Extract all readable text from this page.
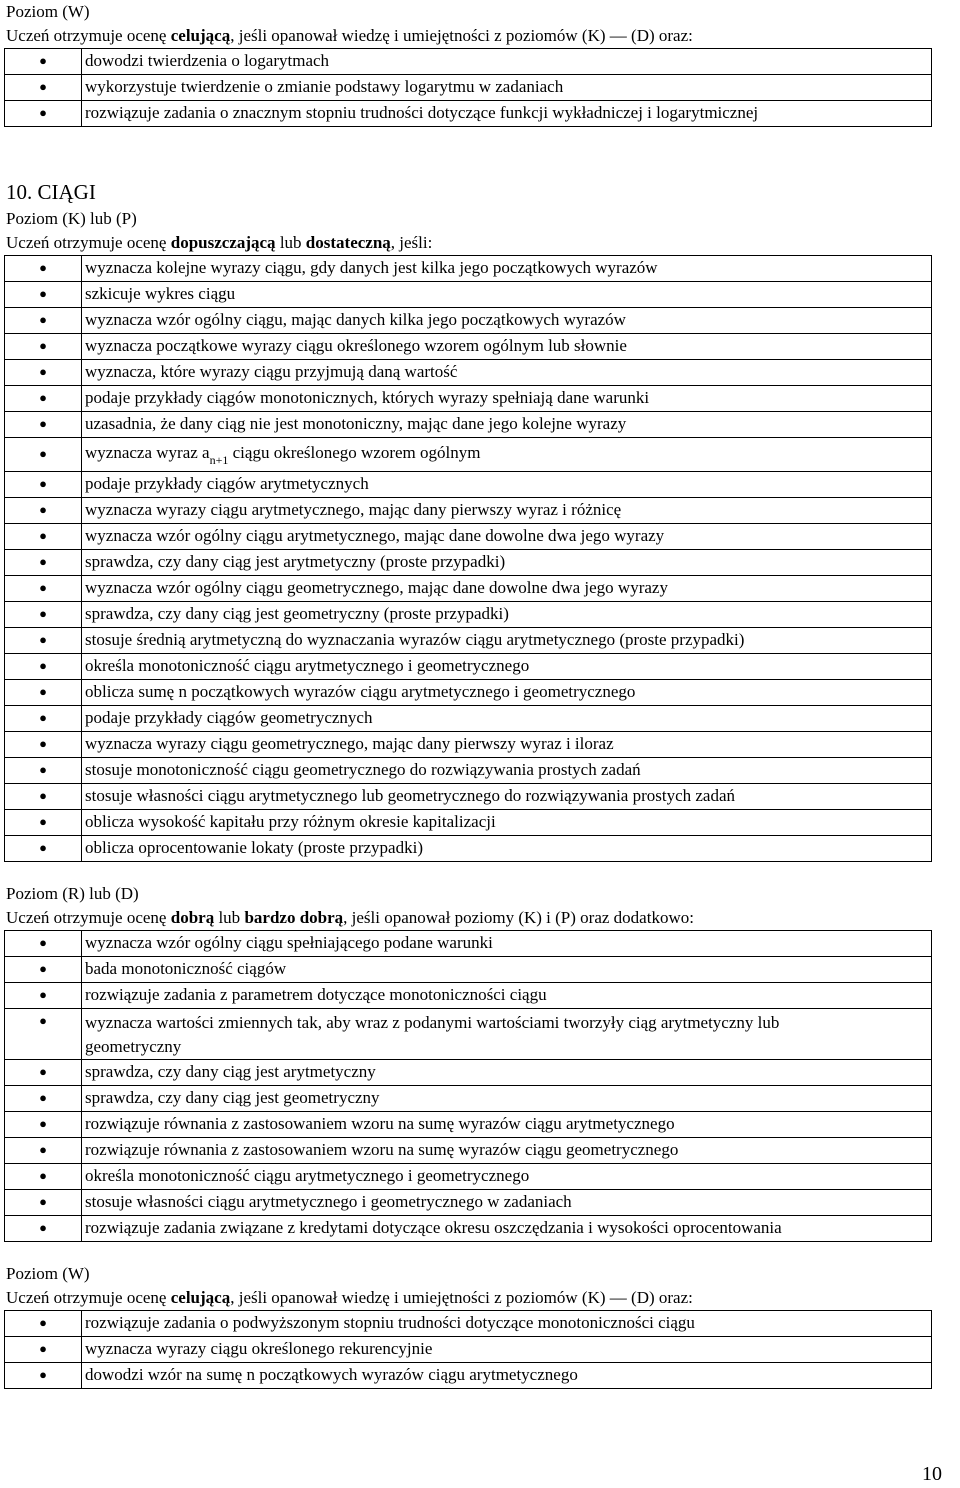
Poziom (W)
Uczeń otrzymuje ocenę celującą, jeśli opanował wiedzę i umiejętności z poziomów (K) — (D) oraz:
●	dowodzi twierdzenia o logarytmach
●	wykorzystuje twierdzenie o zmianie podstawy logarytmu w zadaniach
●	rozwiązuje zadania o znacznym stopniu trudności dotyczące funkcji wykładniczej i logarytmicznej
10. CIĄGI
Poziom (K) lub (P)
Uczeń otrzymuje ocenę dopuszczającą lub dostateczną, jeśli:
●	wyznacza kolejne wyrazy ciągu, gdy danych jest kilka jego początkowych wyrazów
●	szkicuje wykres ciągu
●	wyznacza wzór ogólny ciągu, mając danych kilka jego początkowych wyrazów
●	wyznacza początkowe wyrazy ciągu określonego wzorem ogólnym lub słownie
●	wyznacza, które wyrazy ciągu przyjmują daną wartość
●	podaje przykłady ciągów monotonicznych, których wyrazy spełniają dane warunki
●	uzasadnia, że dany ciąg nie jest monotoniczny, mając dane jego kolejne wyrazy
●	wyznacza wyraz $a_{n+1}$ ciągu określonego wzorem ogólnym
●	podaje przykłady ciągów arytmetycznych
●	wyznacza wyrazy ciągu arytmetycznego, mając dany pierwszy wyraz i różnicę
●	wyznacza wzór ogólny ciągu arytmetycznego, mając dane dowolne dwa jego wyrazy
●	sprawdza, czy dany ciąg jest arytmetyczny (proste przypadki)
●	wyznacza wzór ogólny ciągu geometrycznego, mając dane dowolne dwa jego wyrazy
●	sprawdza, czy dany ciąg jest geometryczny (proste przypadki)
●	stosuje średnią arytmetyczną do wyznaczania wyrazów ciągu arytmetycznego (proste przypadki)
●	określa monotoniczność ciągu arytmetycznego i geometrycznego
●	oblicza sumę n początkowych wyrazów ciągu arytmetycznego i geometrycznego
●	podaje przykłady ciągów geometrycznych
●	wyznacza wyrazy ciągu geometrycznego, mając dany pierwszy wyraz i iloraz
●	stosuje monotoniczność ciągu geometrycznego do rozwiązywania prostych zadań
●	stosuje własności ciągu arytmetycznego lub geometrycznego do rozwiązywania prostych zadań
●	oblicza wysokość kapitału przy różnym okresie kapitalizacji
●	oblicza oprocentowanie lokaty (proste przypadki)
Poziom (R) lub (D)
Uczeń otrzymuje ocenę dobrą lub bardzo dobrą, jeśli opanował poziomy (K) i (P) oraz dodatkowo:
●	wyznacza wzór ogólny ciągu spełniającego podane warunki
●	bada monotoniczność ciągów
●	rozwiązuje zadania z parametrem dotyczące monotoniczności ciągu
●	wyznacza wartości zmiennych tak, aby wraz z podanymi wartościami tworzyły ciąg arytmetyczny lub
geometryczny
●	sprawdza, czy dany ciąg jest arytmetyczny
●	sprawdza, czy dany ciąg jest geometryczny
●	rozwiązuje równania z zastosowaniem wzoru na sumę wyrazów ciągu arytmetycznego
●	rozwiązuje równania z zastosowaniem wzoru na sumę wyrazów ciągu geometrycznego
●	określa monotoniczność ciągu arytmetycznego i geometrycznego
●	stosuje własności ciągu arytmetycznego i geometrycznego w zadaniach
●	rozwiązuje zadania związane z kredytami dotyczące okresu oszczędzania i wysokości oprocentowania
Poziom (W)
Uczeń otrzymuje ocenę celującą, jeśli opanował wiedzę i umiejętności z poziomów (K) — (D) oraz:
●	rozwiązuje zadania o podwyższonym stopniu trudności dotyczące monotoniczności ciągu
●	wyznacza wyrazy ciągu określonego rekurencyjnie
●	dowodzi wzór na sumę n początkowych wyrazów ciągu arytmetycznego
10
